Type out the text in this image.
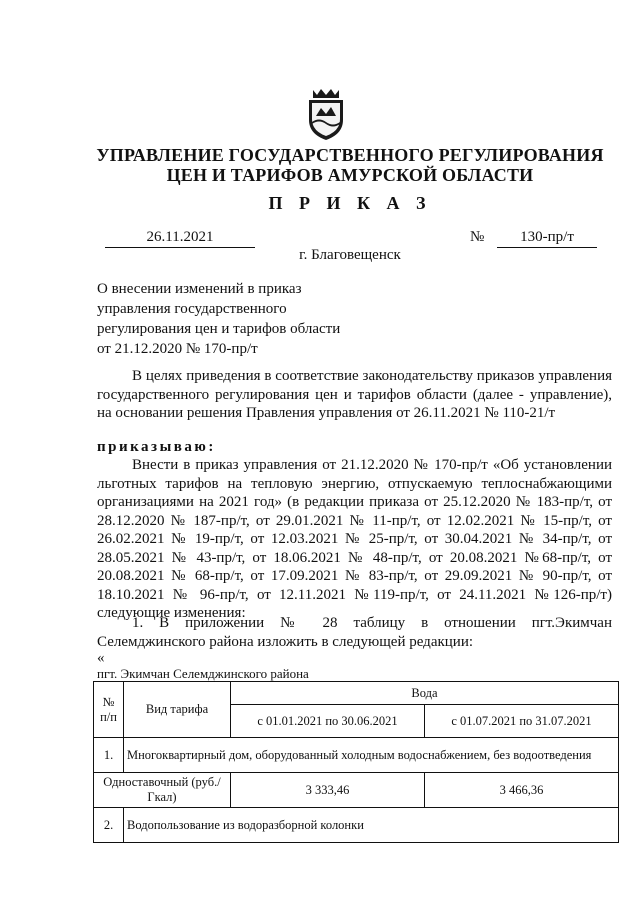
УПРАВЛЕНИЕ ГОСУДАРСТВЕННОГО РЕГУЛИРОВАНИЯ
ЦЕН И ТАРИФОВ АМУРСКОЙ ОБЛАСТИ
П Р И К А З
26.11.2021	№	130-пр/т
г. Благовещенск
О внесении изменений в приказ
управления государственного
регулирования цен и тарифов области
от 21.12.2020 № 170-пр/т
В целях приведения в соответствие законодательству приказов управления государственного регулирования цен и тарифов области (далее - управление), на основании решения Правления управления от 26.11.2021 № 110-21/т
приказываю:
Внести в приказ управления от 21.12.2020 № 170-пр/т «Об установлении льготных тарифов на тепловую энергию, отпускаемую теплоснабжающими организациями на 2021 год» (в редакции приказа от 25.12.2020 № 183-пр/т, от 28.12.2020 № 187-пр/т, от 29.01.2021 № 11-пр/т, от 12.02.2021 № 15-пр/т, от 26.02.2021 № 19-пр/т, от 12.03.2021 № 25-пр/т, от 30.04.2021 № 34-пр/т, от 28.05.2021 № 43-пр/т, от 18.06.2021 № 48-пр/т, от 20.08.2021 №68-пр/т, от 20.08.2021 № 68-пр/т, от 17.09.2021 № 83-пр/т, от 29.09.2021 № 90-пр/т, от 18.10.2021 № 96-пр/т, от 12.11.2021 №119-пр/т, от 24.11.2021 №126-пр/т) следующие изменения:
1. В приложении № 28 таблицу в отношении пгт.Экимчан Селемджинского района изложить в следующей редакции:
«
пгт. Экимчан Селемджинского района
№ п/п	Вид тарифа	Вода	
		с 01.01.2021 по 30.06.2021	с 01.07.2021 по 31.07.2021
1.	Многоквартирный дом, оборудованный холодным водоснабжением, без водоотведения		
Одноставочный (руб./Гкал)		3 333,46	3 466,36
2.	Водопользование из водоразборной колонки		
